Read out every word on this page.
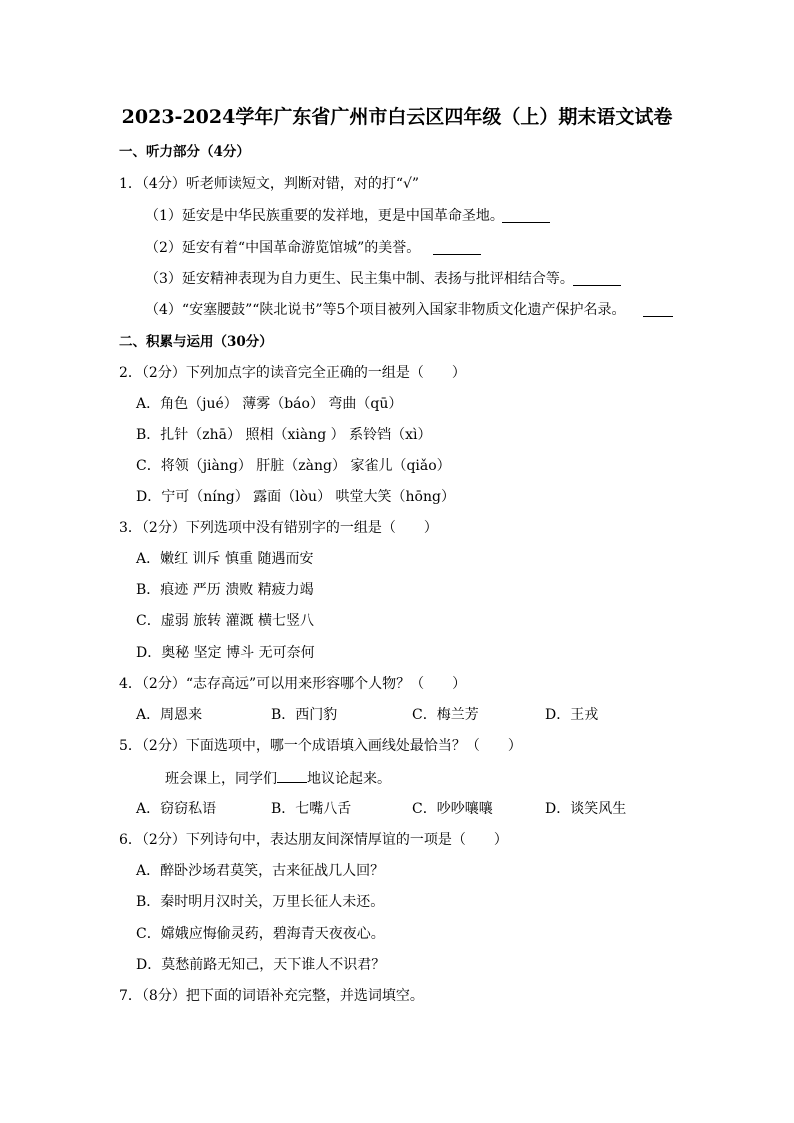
2023-2024学年广东省广州市白云区四年级（上）期末语文试卷
一、听力部分（4分）
1．（4分）听老师读短文，判断对错，对的打“√”
（1）延安是中华民族重要的发祥地，更是中国革命圣地。
（2）延安有着“中国革命游览馆城”的美誉。
（3）延安精神表现为自力更生、民主集中制、表扬与批评相结合等。
（4）“安塞腰鼓”“陕北说书”等5个项目被列入国家非物质文化遗产保护名录。
二、积累与运用（30分）
2．（2分）下列加点字的读音完全正确的一组是（　　）
A．角色（jué） 薄雾（báo） 弯曲（qū）
B．扎针（zhā） 照相（xiàng ） 系铃铛（xì）
C．将领（jiàng） 肝脏（zàng） 家雀儿（qiǎo）
D．宁可（níng） 露面（lòu） 哄堂大笑（hōng）
3．（2分）下列选项中没有错别字的一组是（　　）
A．嫩红 训斥 慎重 随遇而安
B．痕迹 严历 溃败 精疲力竭
C．虚弱 旅转 灌溉 横七竖八
D．奥秘 坚定 博斗 无可奈何
4．（2分）“志存高远”可以用来形容哪个人物？（　　）
A．周恩来	B．西门豹	C．梅兰芳	D．王戎
5．（2分）下面选项中，哪一个成语填入画线处最恰当？（　　）
班会课上，同学们 地议论起来。
A．窃窃私语	B．七嘴八舌	C．吵吵嚷嚷	D．谈笑风生
6．（2分）下列诗句中，表达朋友间深情厚谊的一项是（　　）
A．醉卧沙场君莫笑，古来征战几人回？
B．秦时明月汉时关，万里长征人未还。
C．嫦娥应悔偷灵药，碧海青天夜夜心。
D．莫愁前路无知己，天下谁人不识君？
7．（8分）把下面的词语补充完整，并选词填空。
